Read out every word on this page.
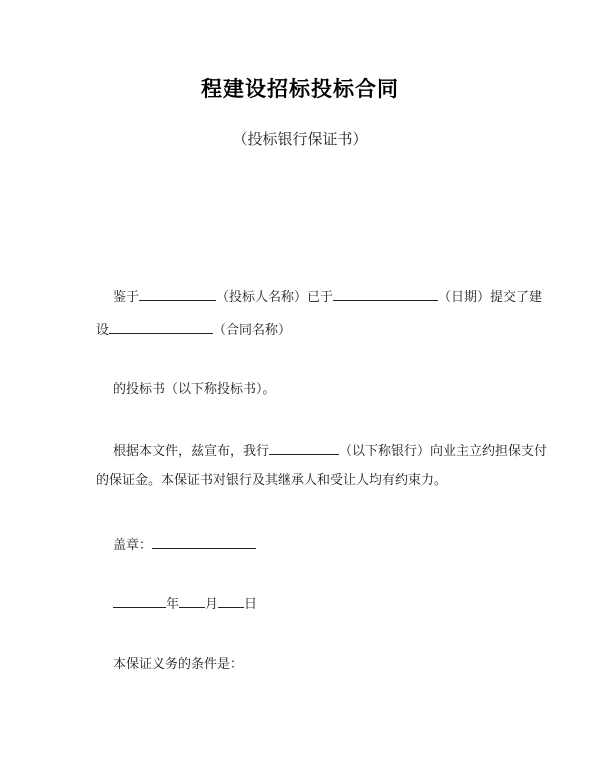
程建设招标投标合同
（投标银行保证书）
鉴于	（投标人名称）已于	（日期）提交了建
设	（合同名称）
的投标书（以下称投标书）。
根据本文件，兹宣布，我行	（以下称银行）向业主立约担保支付
的保证金。本保证书对银行及其继承人和受让人均有约束力。
盖章：
年 月 日
本保证义务的条件是：
